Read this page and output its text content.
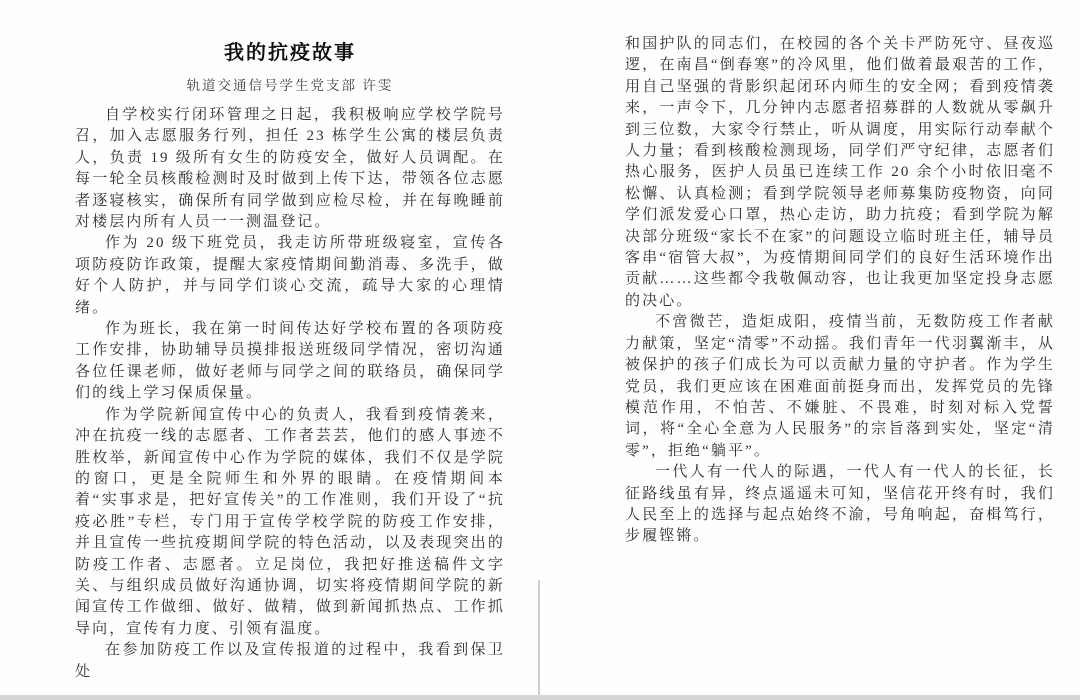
我的抗疫故事
轨道交通信号学生党支部 许雯

自学校实行闭环管理之日起，我积极响应学校学院号召，加入志愿服务行列，担任 23 栋学生公寓的楼层负责人，负责 19 级所有女生的防疫安全，做好人员调配。在每一轮全员核酸检测时及时做到上传下达，带领各位志愿者逐寝核实，确保所有同学做到应检尽检，并在每晚睡前对楼层内所有人员一一测温登记。

作为 20 级下班党员，我走访所带班级寝室，宣传各项防疫防诈政策，提醒大家疫情期间勤消毒、多洗手，做好个人防护，并与同学们谈心交流，疏导大家的心理情绪。

作为班长，我在第一时间传达好学校布置的各项防疫工作安排，协助辅导员摸排报送班级同学情况，密切沟通各位任课老师，做好老师与同学之间的联络员，确保同学们的线上学习保质保量。

作为学院新闻宣传中心的负责人，我看到疫情袭来，冲在抗疫一线的志愿者、工作者芸芸，他们的感人事迹不胜枚举，新闻宣传中心作为学院的媒体，我们不仅是学院的窗口，更是全院师生和外界的眼睛。在疫情期间本着“实事求是，把好宣传关”的工作准则，我们开设了“抗疫必胜”专栏，专门用于宣传学校学院的防疫工作安排，并且宣传一些抗疫期间学院的特色活动，以及表现突出的防疫工作者、志愿者。立足岗位，我把好推送稿件文字关、与组织成员做好沟通协调，切实将疫情期间学院的新闻宣传工作做细、做好、做精，做到新闻抓热点、工作抓导向，宣传有力度、引领有温度。

在参加防疫工作以及宣传报道的过程中，我看到保卫处

和国护队的同志们，在校园的各个关卡严防死守、昼夜巡逻，在南昌“倒春寒”的冷风里，他们做着最艰苦的工作，用自己坚强的背影织起闭环内师生的安全网；看到疫情袭来，一声令下，几分钟内志愿者招募群的人数就从零飙升到三位数，大家令行禁止，听从调度，用实际行动奉献个人力量；看到核酸检测现场，同学们严守纪律，志愿者们热心服务，医护人员虽已连续工作 20 余个小时依旧毫不松懈、认真检测；看到学院领导老师募集防疫物资，向同学们派发爱心口罩，热心走访，助力抗疫；看到学院为解决部分班级“家长不在家”的问题设立临时班主任，辅导员客串“宿管大叔”，为疫情期间同学们的良好生活环境作出贡献……这些都令我敬佩动容，也让我更加坚定投身志愿的决心。

不啻微芒，造炬成阳，疫情当前，无数防疫工作者献力献策，坚定“清零”不动摇。我们青年一代羽翼渐丰，从被保护的孩子们成长为可以贡献力量的守护者。作为学生党员，我们更应该在困难面前挺身而出，发挥党员的先锋模范作用，不怕苦、不嫌脏、不畏难，时刻对标入党誓词，将“全心全意为人民服务”的宗旨落到实处，坚定“清零”，拒绝“躺平”。

一代人有一代人的际遇，一代人有一代人的长征，长征路线虽有异，终点遥遥未可知，坚信花开终有时，我们人民至上的选择与起点始终不渝，号角响起，奋楫笃行，步履铿锵。
